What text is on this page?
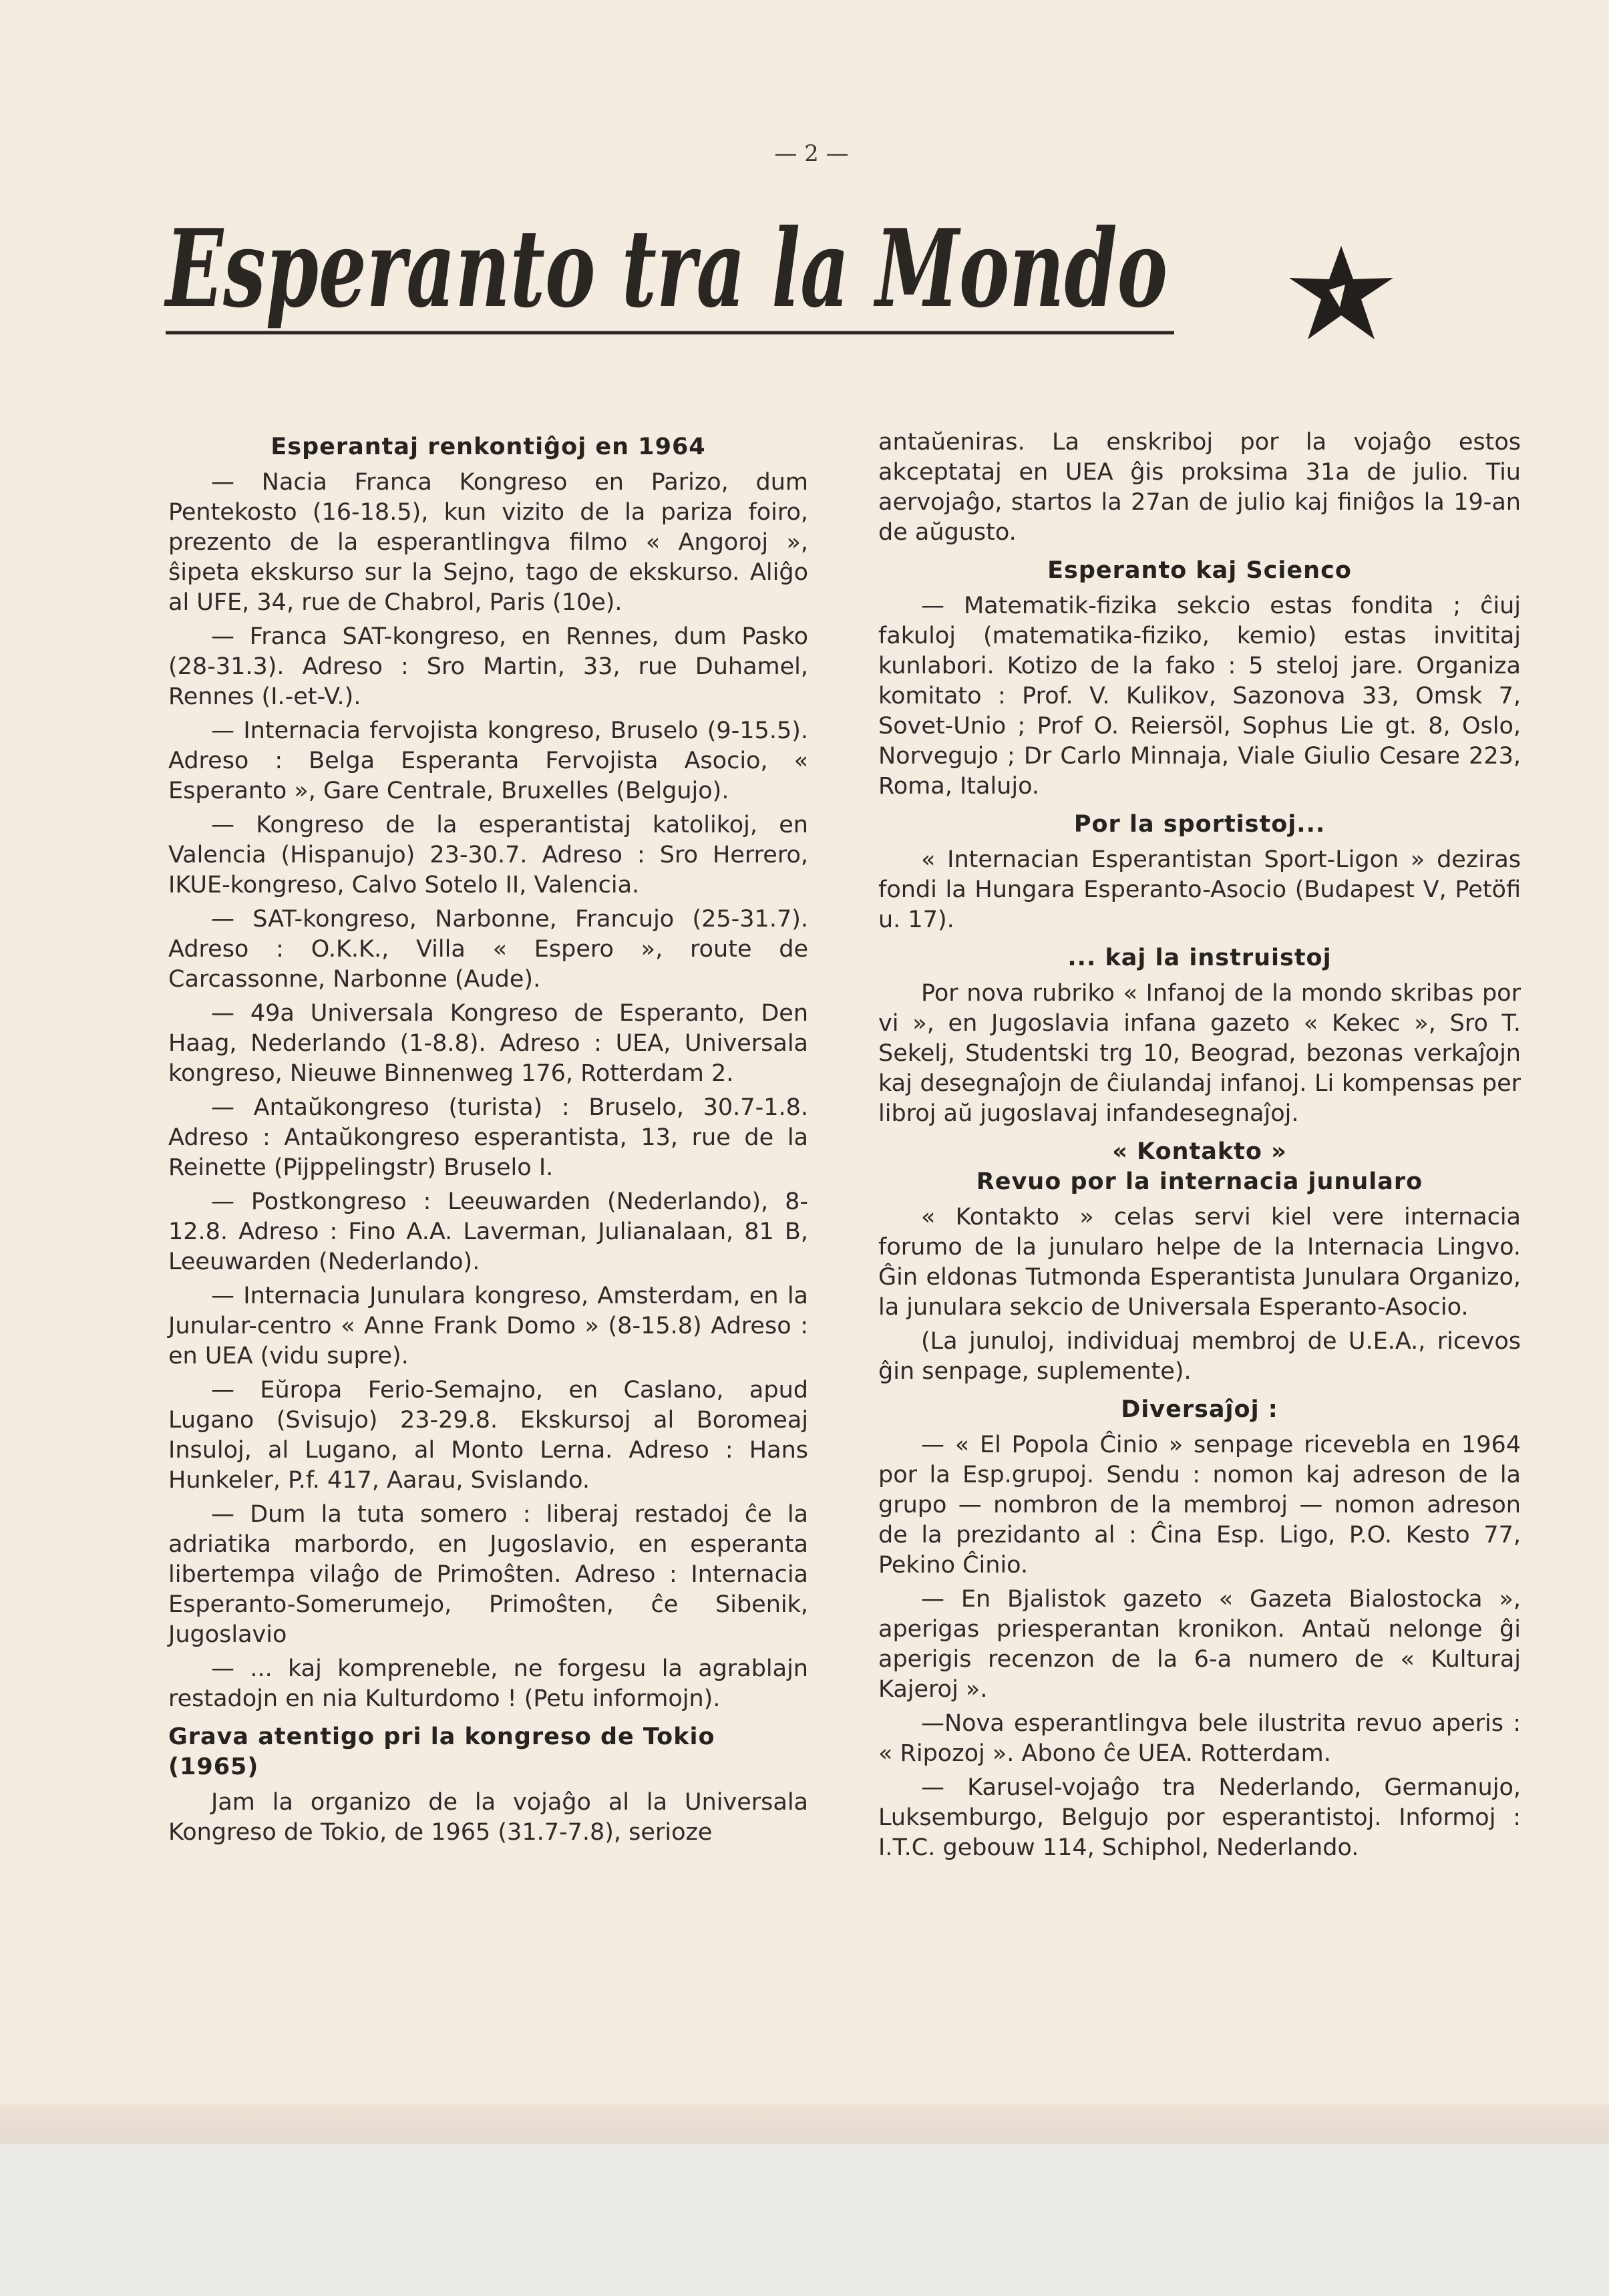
— 2 —
Esperanto tra la Mondo
Esperantaj renkontiĝoj en 1964

— Nacia Franca Kongreso en Parizo, dum Pentekosto (16-18.5), kun vizito de la pariza foiro, prezento de la esperantlingva filmo « Angoroj », ŝipeta ekskurso sur la Sejno, tago de ekskurso. Aliĝo al UFE, 34, rue de Chabrol, Paris (10e).

— Franca SAT-kongreso, en Rennes, dum Pasko (28-31.3). Adreso : Sro Martin, 33, rue Duhamel, Rennes (I.-et-V.).

— Internacia fervojista kongreso, Bruselo (9-15.5). Adreso : Belga Esperanta Fervojista Asocio, « Esperanto », Gare Centrale, Bruxelles (Belgujo).

— Kongreso de la esperantistaj katolikoj, en Valencia (Hispanujo) 23-30.7. Adreso : Sro Herrero, IKUE-kongreso, Calvo Sotelo II, Valencia.

— SAT-kongreso, Narbonne, Francujo (25-31.7). Adreso : O.K.K., Villa « Espero », route de Carcassonne, Narbonne (Aude).

— 49a Universala Kongreso de Esperanto, Den Haag, Nederlando (1-8.8). Adreso : UEA, Universala kongreso, Nieuwe Binnenweg 176, Rotterdam 2.

— Antaŭkongreso (turista) : Bruselo, 30.7-1.8. Adreso : Antaŭkongreso esperantista, 13, rue de la Reinette (Pijppelingstr) Bruselo I.

— Postkongreso : Leeuwarden (Nederlando), 8-12.8. Adreso : Fino A.A. Laverman, Julianalaan, 81 B, Leeuwarden (Nederlando).

— Internacia Junulara kongreso, Amsterdam, en la Junular-centro « Anne Frank Domo » (8-15.8) Adreso : en UEA (vidu supre).

— Eŭropa Ferio-Semajno, en Caslano, apud Lugano (Svisujo) 23-29.8. Ekskursoj al Boromeaj Insuloj, al Lugano, al Monto Lerna. Adreso : Hans Hunkeler, P.f. 417, Aarau, Svislando.

— Dum la tuta somero : liberaj restadoj ĉe la adriatika marbordo, en Jugoslavio, en esperanta libertempa vilaĝo de Primoŝten. Adreso : Internacia Esperanto-Somerumejo, Primoŝten, ĉe Sibenik, Jugoslavio

— ... kaj kompreneble, ne forgesu la agrablajn restadojn en nia Kulturdomo ! (Petu informojn).

Grava atentigo pri la kongreso de Tokio (1965)

Jam la organizo de la vojaĝo al la Universala Kongreso de Tokio, de 1965 (31.7-7.8), serioze

antaŭeniras. La enskriboj por la vojaĝo estos akceptataj en UEA ĝis proksima 31a de julio. Tiu aervojaĝo, startos la 27an de julio kaj finiĝos la 19-an de aŭgusto.

Esperanto kaj Scienco

— Matematik-fizika sekcio estas fondita ; ĉiuj fakuloj (matematika-fiziko, kemio) estas invititaj kunlabori. Kotizo de la fako : 5 steloj jare. Organiza komitato : Prof. V. Kulikov, Sazonova 33, Omsk 7, Sovet-Unio ; Prof O. Reiersöl, Sophus Lie gt. 8, Oslo, Norvegujo ; Dr Carlo Minnaja, Viale Giulio Cesare 223, Roma, Italujo.

Por la sportistoj...

« Internacian Esperantistan Sport-Ligon » deziras fondi la Hungara Esperanto-Asocio (Budapest V, Petöfi u. 17).

... kaj la instruistoj

Por nova rubriko « Infanoj de la mondo skribas por vi », en Jugoslavia infana gazeto « Kekec », Sro T. Sekelj, Studentski trg 10, Beograd, bezonas verkaĵojn kaj desegnaĵojn de ĉiulandaj infanoj. Li kompensas per libroj aŭ jugoslavaj infandesegnaĵoj.

« Kontakto »
Revuo por la internacia junularo

« Kontakto » celas servi kiel vere internacia forumo de la junularo helpe de la Internacia Lingvo. Ĝin eldonas Tutmonda Esperantista Junulara Organizo, la junulara sekcio de Universala Esperanto-Asocio.

(La junuloj, individuaj membroj de U.E.A., ricevos ĝin senpage, suplemente).

Diversaĵoj :

— « El Popola Ĉinio » senpage ricevebla en 1964 por la Esp.grupoj. Sendu : nomon kaj adreson de la grupo — nombron de la membroj — nomon adreson de la prezidanto al : Ĉina Esp. Ligo, P.O. Kesto 77, Pekino Ĉinio.

— En Bjalistok gazeto « Gazeta Bialostocka », aperigas priesperantan kronikon. Antaŭ nelonge ĝi aperigis recenzon de la 6-a numero de « Kulturaj Kajeroj ».

—Nova esperantlingva bele ilustrita revuo aperis : « Ripozoj ». Abono ĉe UEA. Rotterdam.

— Karusel-vojaĝo tra Nederlando, Germanujo, Luksemburgo, Belgujo por esperantistoj. Informoj : I.T.C. gebouw 114, Schiphol, Nederlando.
